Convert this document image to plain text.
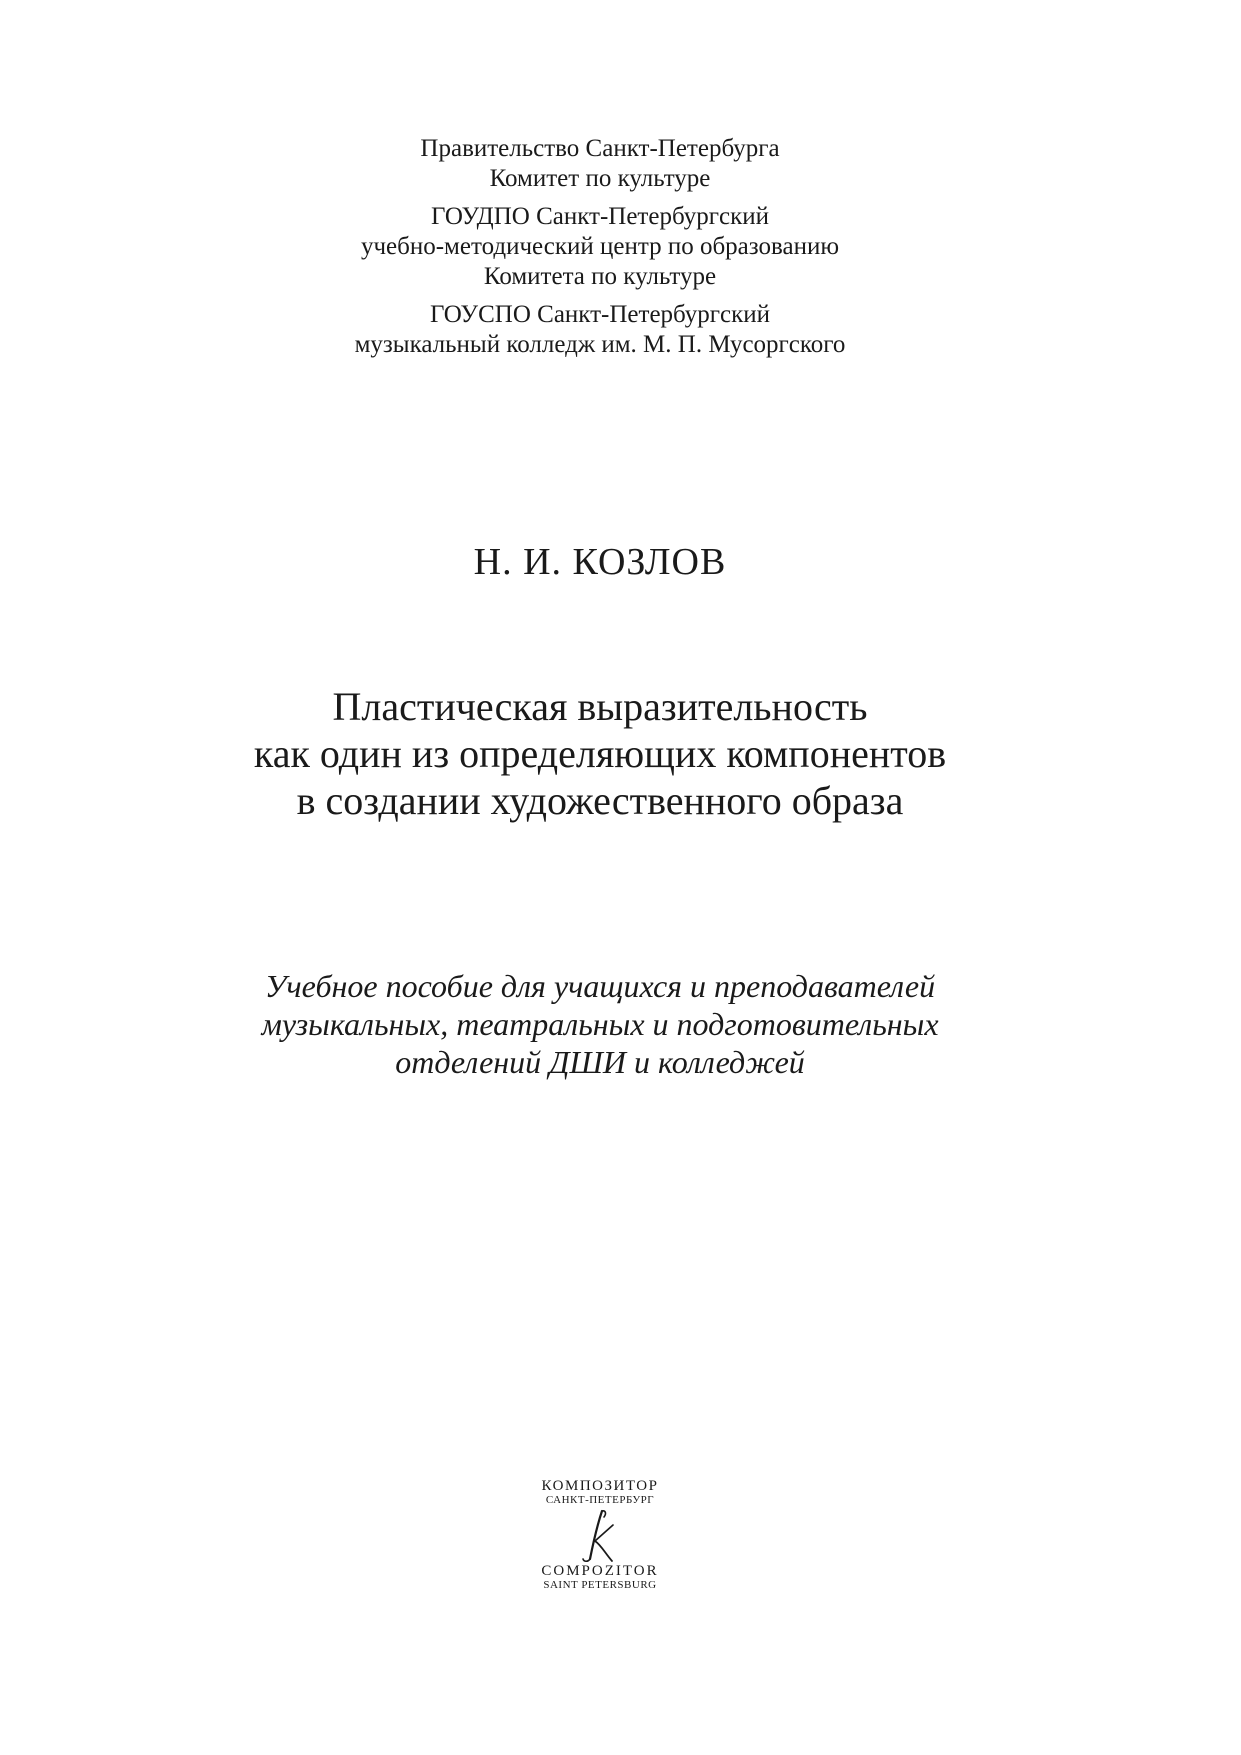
Правительство Санкт-Петербурга
Комитет по культуре
ГОУДПО Санкт-Петербургский
учебно-методический центр по образованию
Комитета по культуре
ГОУСПО Санкт-Петербургский
музыкальный колледж им. М. П. Мусоргского
Н. И. КОЗЛОВ
Пластическая выразительность
как один из определяющих компонентов
в создании художественного образа
Учебное пособие для учащихся и преподавателей
музыкальных, театральных и подготовительных
отделений ДШИ и колледжей
КОМПОЗИТОР
САНКТ-ПЕТЕРБУРГ
COMPOZITOR
SAINT PETERSBURG
